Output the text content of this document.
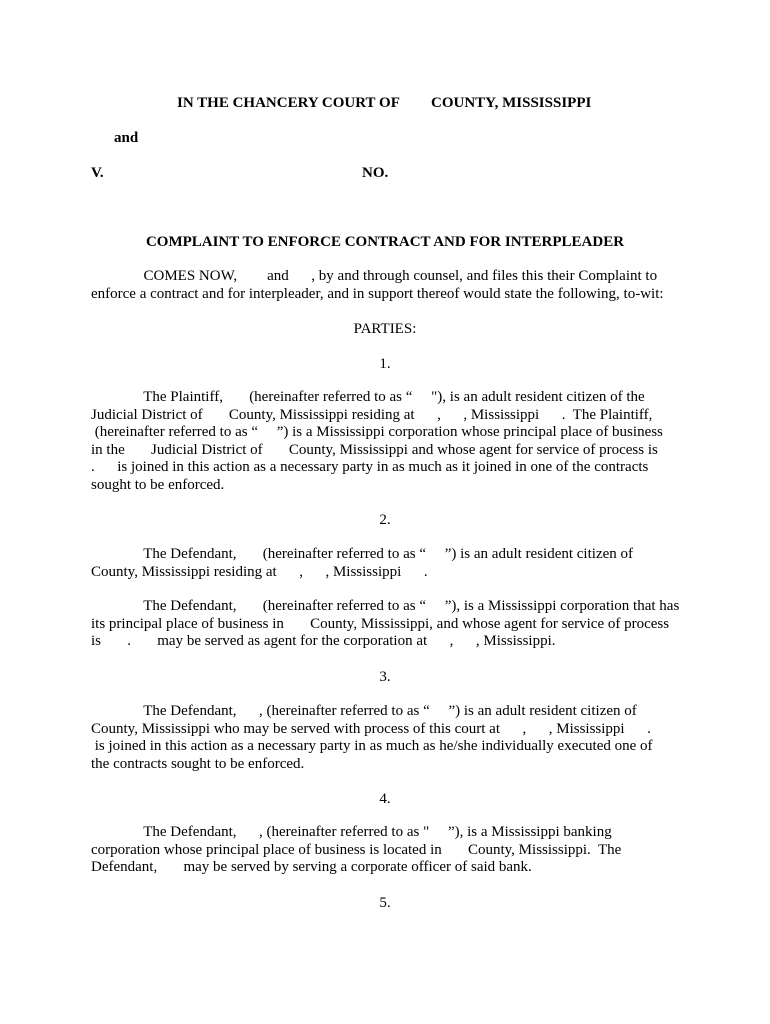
IN THE CHANCERY COURT OF COUNTY, MISSISSIPPI
and
V.	NO.
COMPLAINT TO ENFORCE CONTRACT AND FOR INTERPLEADER
COMES NOW,        and      , by and through counsel, and files this their Complaint to
enforce a contract and for interpleader, and in support thereof would state the following, to-wit:
PARTIES:
1.
The Plaintiff,       (hereinafter referred to as “     "), is an adult resident citizen of the
Judicial District of       County, Mississippi residing at      ,      , Mississippi      .  The Plaintiff,
(hereinafter referred to as “     ”) is a Mississippi corporation whose principal place of business
in the       Judicial District of       County, Mississippi and whose agent for service of process is
.      is joined in this action as a necessary party in as much as it joined in one of the contracts
sought to be enforced.
2.
The Defendant,       (hereinafter referred to as “     ”) is an adult resident citizen of
County, Mississippi residing at      ,      , Mississippi      .
The Defendant,       (hereinafter referred to as “     ”), is a Mississippi corporation that has
its principal place of business in       County, Mississippi, and whose agent for service of process
is       .       may be served as agent for the corporation at      ,      , Mississippi.
3.
The Defendant,      , (hereinafter referred to as “     ”) is an adult resident citizen of
County, Mississippi who may be served with process of this court at      ,      , Mississippi      .
is joined in this action as a necessary party in as much as he/she individually executed one of
the contracts sought to be enforced.
4.
The Defendant,      , (hereinafter referred to as "     ”), is a Mississippi banking
corporation whose principal place of business is located in       County, Mississippi.  The
Defendant,       may be served by serving a corporate officer of said bank.
5.
